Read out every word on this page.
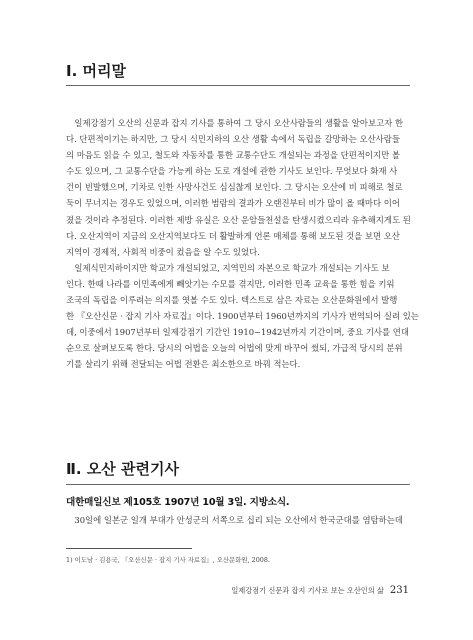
Ⅰ. 머리말
　일제강점기 오산의 신문과 잡지 기사를 통하여 그 당시 오산사람들의 생활을 알아보고자 한
다. 단편적이기는 하지만, 그 당시 식민지하의 오산 생활 속에서 독립을 갈망하는 오산사람들
의 마음도 읽을 수 있고, 철도와 자동차를 통한 교통수단도 개설되는 과정을 단편적이지만 볼
수도 있으며, 그 교통수단을 가능케 하는 도로 개설에 관한 기사도 보인다. 무엇보다 화재 사
건이 빈발했으며, 기차로 인한 사망사건도 심심찮게 보인다. 그 당시는 오산에 비 피해로 철로
둑이 무너지는 경우도 있었으며, 이러한 범람의 결과가 오랜진부터 비가 많이 올 때마다 이어
졌을 것이라 추정된다. 이러한 제방 유실은 오산 운암들천설을 탄생시켰으리라 유추해지게도 된
다. 오산지역이 지금의 오산지역보다도 더 활발하게 언론 매체를 통해 보도된 것을 보면 오산
지역이 경제적, 사회적 비중이 컸음을 알 수도 있었다.
　일제식민지하이지만 학교가 개설되었고, 지역민의 자본으로 학교가 개설되는 기사도 보
인다. 한때 나라를 이민족에게 빼앗기는 수모를 겪지만, 이러한 민족 교육을 통한 힘을 키워
조국의 독립을 이루려는 의지를 엿볼 수도 있다. 텍스트로 삼은 자료는 오산문화원에서 발행
한 『오산신문 · 잡지 기사 자료집』이다. 1900년부터 1960년까지의 기사가 번역되어 실려 있는
데, 이중에서 1907년부터 일제강점기 기간인 1910~1942년까지 기간이며, 중요 기사를 연대
순으로 살펴보도록 한다. 당시의 어법을 오늘의 어법에 맞게 바꾸어 썼되, 가급적 당시의 분위
기를 살리기 위해 전달되는 어법 전환은 최소한으로 바꿔 적는다.
Ⅱ. 오산 관련기사
대한매일신보 제105호 1907년 10월 3일. 지방소식.
　30일에 일본군 일개 부대가 안성군의 서쪽으로 십리 되는 오산에서 한국군대를 염탐하는데
1) 이도남 · 김용국, 『오산신문 · 잡지 기사 자료집』, 오산문화원, 2008.
일제강점기 신문과 잡지 기사로 보는 오산인의 삶 231
